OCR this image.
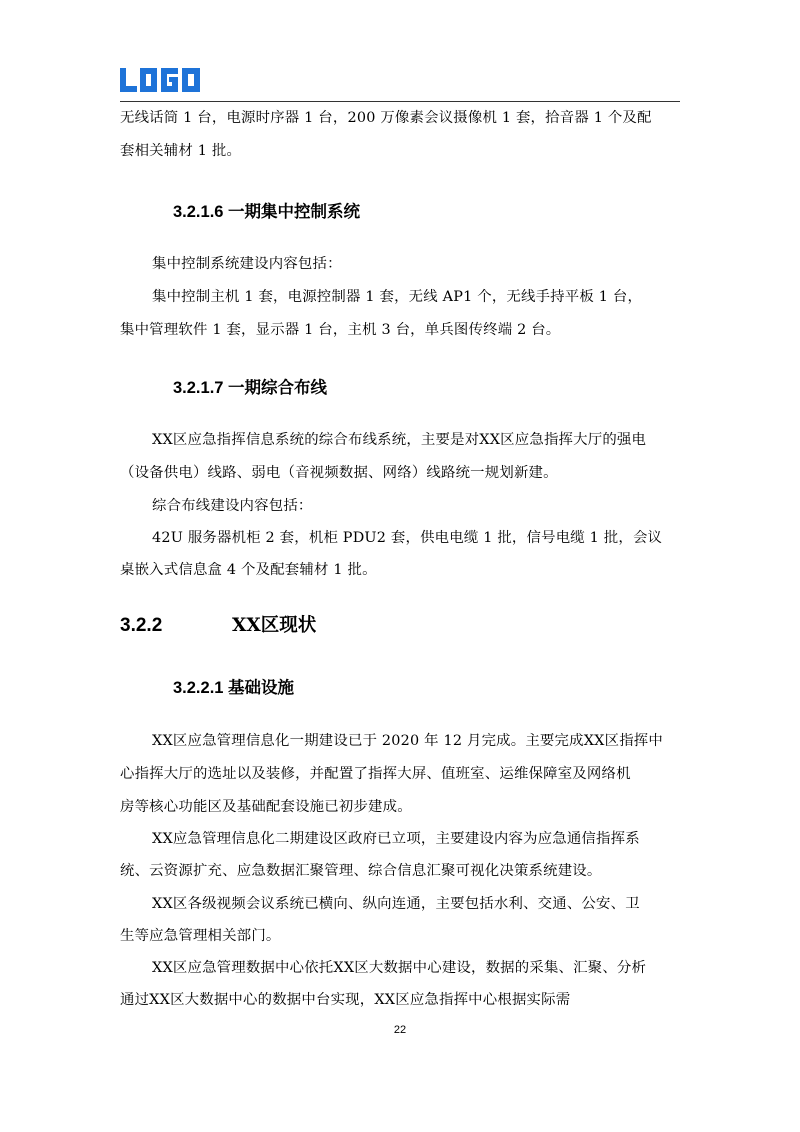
无线话筒 1 台，电源时序器 1 台，200 万像素会议摄像机 1 套，拾音器 1 个及配
套相关辅材 1 批。
3.2.1.6 一期集中控制系统
集中控制系统建设内容包括：
集中控制主机 1 套，电源控制器 1 套，无线 AP1 个，无线手持平板 1 台，
集中管理软件 1 套，显示器 1 台，主机 3 台，单兵图传终端 2 台。
3.2.1.7 一期综合布线
XX区应急指挥信息系统的综合布线系统，主要是对XX区应急指挥大厅的强电
（设备供电）线路、弱电（音视频数据、网络）线路统一规划新建。
综合布线建设内容包括：
42U 服务器机柜 2 套，机柜 PDU2 套，供电电缆 1 批，信号电缆 1 批，会议
桌嵌入式信息盒 4 个及配套辅材 1 批。
3.2.2	XX区现状
3.2.2.1 基础设施
XX区应急管理信息化一期建设已于 2020 年 12 月完成。主要完成XX区指挥中
心指挥大厅的选址以及装修，并配置了指挥大屏、值班室、运维保障室及网络机
房等核心功能区及基础配套设施已初步建成。
XX应急管理信息化二期建设区政府已立项，主要建设内容为应急通信指挥系
统、云资源扩充、应急数据汇聚管理、综合信息汇聚可视化决策系统建设。
XX区各级视频会议系统已横向、纵向连通，主要包括水利、交通、公安、卫
生等应急管理相关部门。
XX区应急管理数据中心依托XX区大数据中心建设，数据的采集、汇聚、分析
通过XX区大数据中心的数据中台实现，XX区应急指挥中心根据实际需
22
